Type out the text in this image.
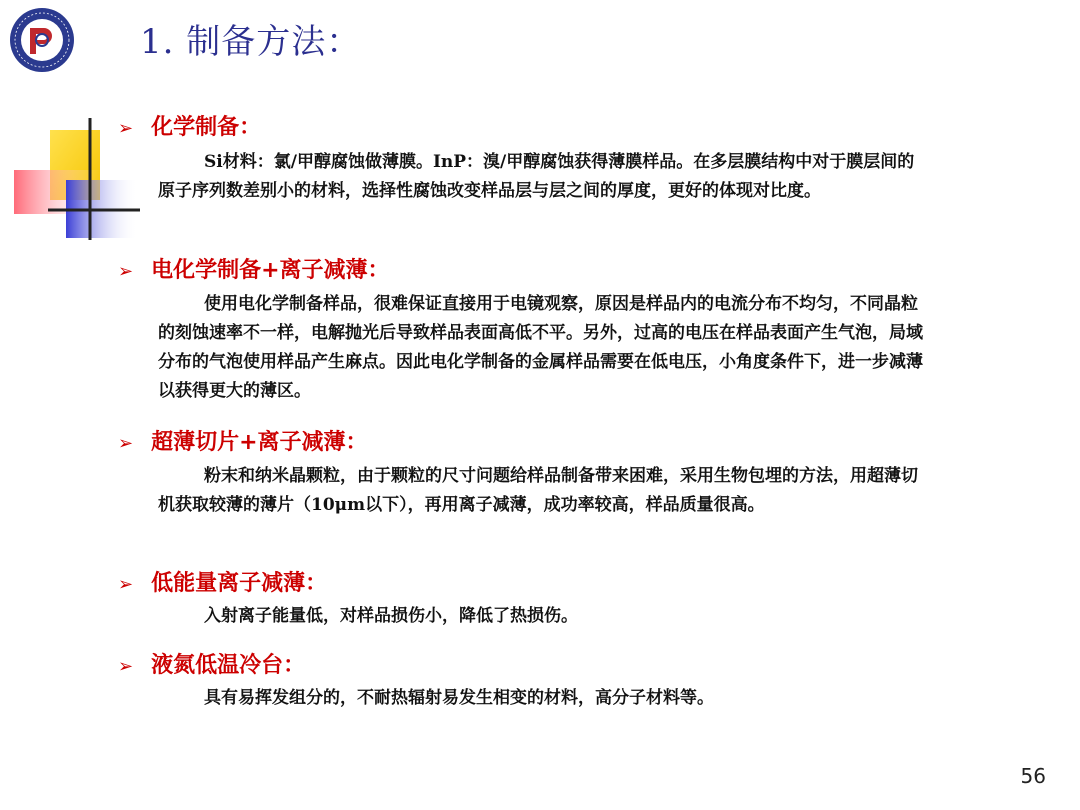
1. 制备方法：
➢ 化学制备：
Si材料：氯/甲醇腐蚀做薄膜。InP：溴/甲醇腐蚀获得薄膜样品。在多层膜结构中对于膜层间的原子序列数差别小的材料，选择性腐蚀改变样品层与层之间的厚度，更好的体现对比度。
➢ 电化学制备+离子减薄：
使用电化学制备样品，很难保证直接用于电镜观察，原因是样品内的电流分布不均匀，不同晶粒的刻蚀速率不一样，电解抛光后导致样品表面高低不平。另外，过高的电压在样品表面产生气泡，局域分布的气泡使用样品产生麻点。因此电化学制备的金属样品需要在低电压，小角度条件下，进一步减薄以获得更大的薄区。
➢ 超薄切片+离子减薄：
粉末和纳米晶颗粒，由于颗粒的尺寸问题给样品制备带来困难，采用生物包埋的方法，用超薄切机获取较薄的薄片（10μm以下），再用离子减薄，成功率较高，样品质量很高。
➢ 低能量离子减薄：
入射离子能量低，对样品损伤小，降低了热损伤。
➢ 液氮低温冷台：
具有易挥发组分的，不耐热辐射易发生相变的材料，高分子材料等。
56
